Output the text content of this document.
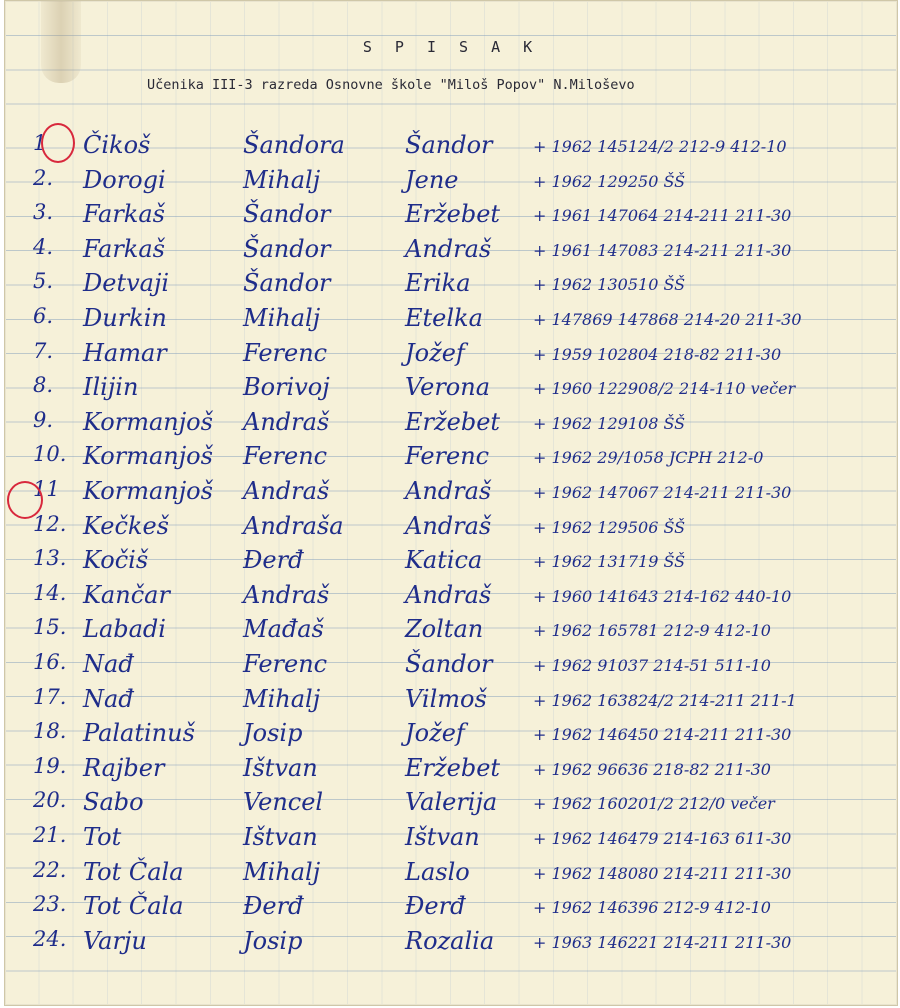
S P I S A K
Učenika III-3 razreda Osnovne škole "Miloš Popov" N.Miloševo
1	Čikoš	Šandora	Šandor	+ 1962 145124/2 212-9 412-10
2.	Dorogi	Mihalj	Jene	+ 1962 129250 ŠŠ
3.	Farkaš	Šandor	Eržebet	+ 1961 147064 214-211 211-30
4.	Farkaš	Šandor	Andraš	+ 1961 147083 214-211 211-30
5.	Detvaji	Šandor	Erika	+ 1962 130510 ŠŠ
6.	Durkin	Mihalj	Etelka	+ 147869 147868 214-20 211-30
7.	Hamar	Ferenc	Jožef	+ 1959 102804 218-82 211-30
8.	Ilijin	Borivoj	Verona	+ 1960 122908/2 214-110 večer
9.	Kormanjoš	Andraš	Eržebet	+ 1962 129108 ŠŠ
10. Kormanjoš	Ferenc	Ferenc	+ 1962 29/1058 JCPH 212-0
11 Kormanjoš	Andraš	Andraš	+ 1962 147067 214-211 211-30
12. Kečkeš	Andraša	Andraš	+ 1962 129506 ŠŠ
13. Kočiš	Đerđ	Katica	+ 1962 131719 ŠŠ
14. Kančar	Andraš	Andraš	+ 1960 141643 214-162 440-10
15. Labadi	Mađaš	Zoltan	+ 1962 165781 212-9 412-10
16. Nađ	Ferenc	Šandor	+ 1962 91037 214-51 511-10
17. Nađ	Mihalj	Vilmoš	+ 1962 163824/2 214-211 211-1
18. Palatinuš	Josip	Jožef	+ 1962 146450 214-211 211-30
19. Rajber	Ištvan	Eržebet	+ 1962 96636 218-82 211-30
20. Sabo	Vencel	Valerija	+ 1962 160201/2 212/0 večer
21. Tot	Ištvan	Ištvan	+ 1962 146479 214-163 611-30
22. Tot Čala	Mihalj	Laslo	+ 1962 148080 214-211 211-30
23. Tot Čala	Đerđ	Đerđ	+ 1962 146396 212-9 412-10
24. Varju	Josip	Rozalia	+ 1963 146221 214-211 211-30
